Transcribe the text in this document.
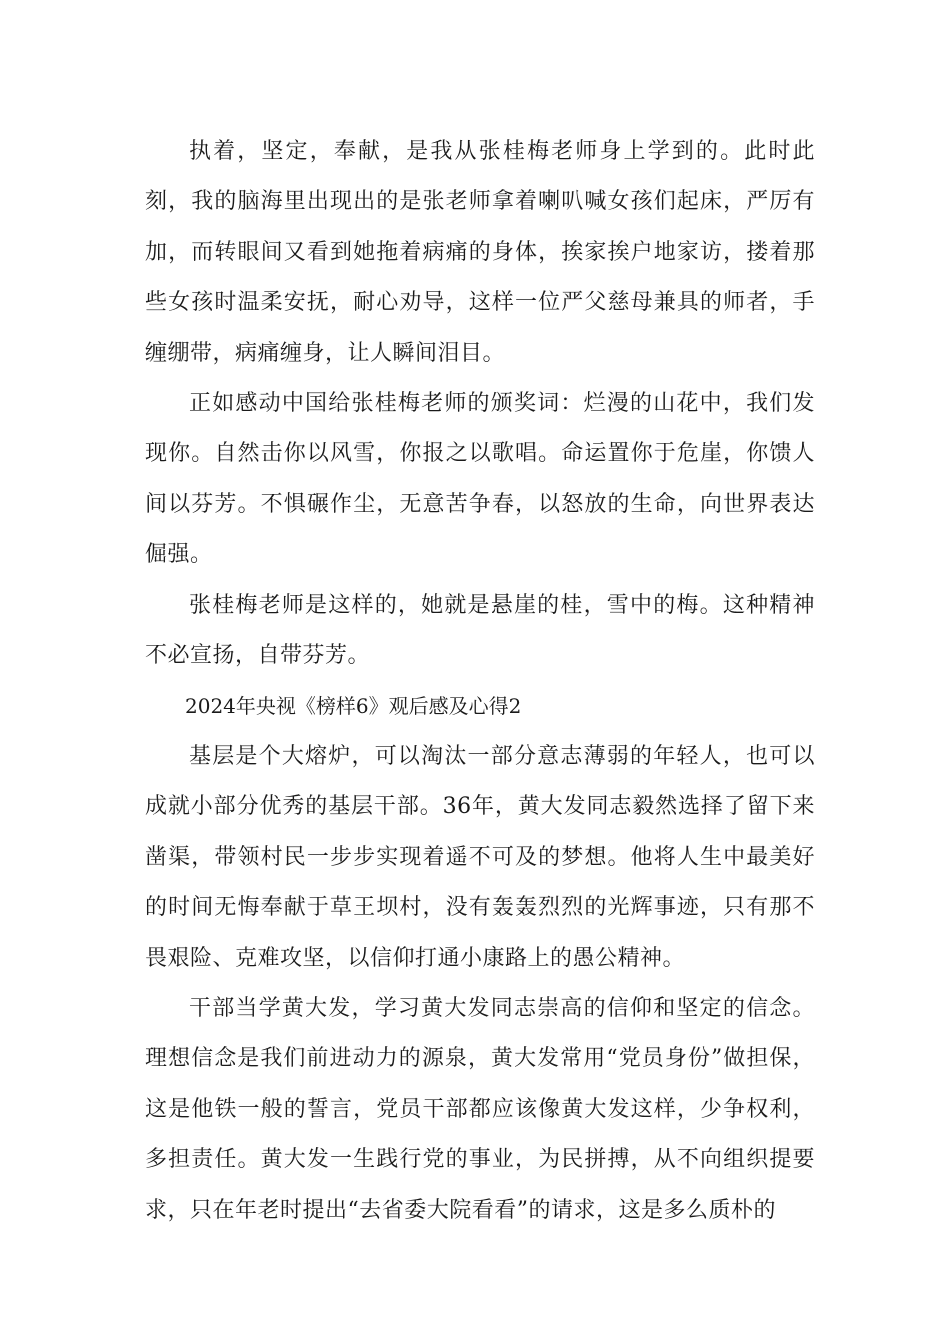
执着，坚定，奉献，是我从张桂梅老师身上学到的。此时此刻，我的脑海里出现出的是张老师拿着喇叭喊女孩们起床，严厉有加，而转眼间又看到她拖着病痛的身体，挨家挨户地家访，搂着那些女孩时温柔安抚，耐心劝导，这样一位严父慈母兼具的师者，手缠绷带，病痛缠身，让人瞬间泪目。

正如感动中国给张桂梅老师的颁奖词：烂漫的山花中，我们发现你。自然击你以风雪，你报之以歌唱。命运置你于危崖，你馈人间以芬芳。不惧碾作尘，无意苦争春，以怒放的生命，向世界表达倔强。

张桂梅老师是这样的，她就是悬崖的桂，雪中的梅。这种精神不必宣扬，自带芬芳。

2024年央视《榜样6》观后感及心得2

基层是个大熔炉，可以淘汰一部分意志薄弱的年轻人，也可以成就小部分优秀的基层干部。36年，黄大发同志毅然选择了留下来凿渠，带领村民一步步实现着遥不可及的梦想。他将人生中最美好的时间无悔奉献于草王坝村，没有轰轰烈烈的光辉事迹，只有那不畏艰险、克难攻坚，以信仰打通小康路上的愚公精神。

干部当学黄大发，学习黄大发同志崇高的信仰和坚定的信念。理想信念是我们前进动力的源泉，黄大发常用“党员身份”做担保，这是他铁一般的誓言，党员干部都应该像黄大发这样，少争权利，多担责任。黄大发一生践行党的事业，为民拼搏，从不向组织提要求，只在年老时提出“去省委大院看看”的请求，这是多么质朴的
